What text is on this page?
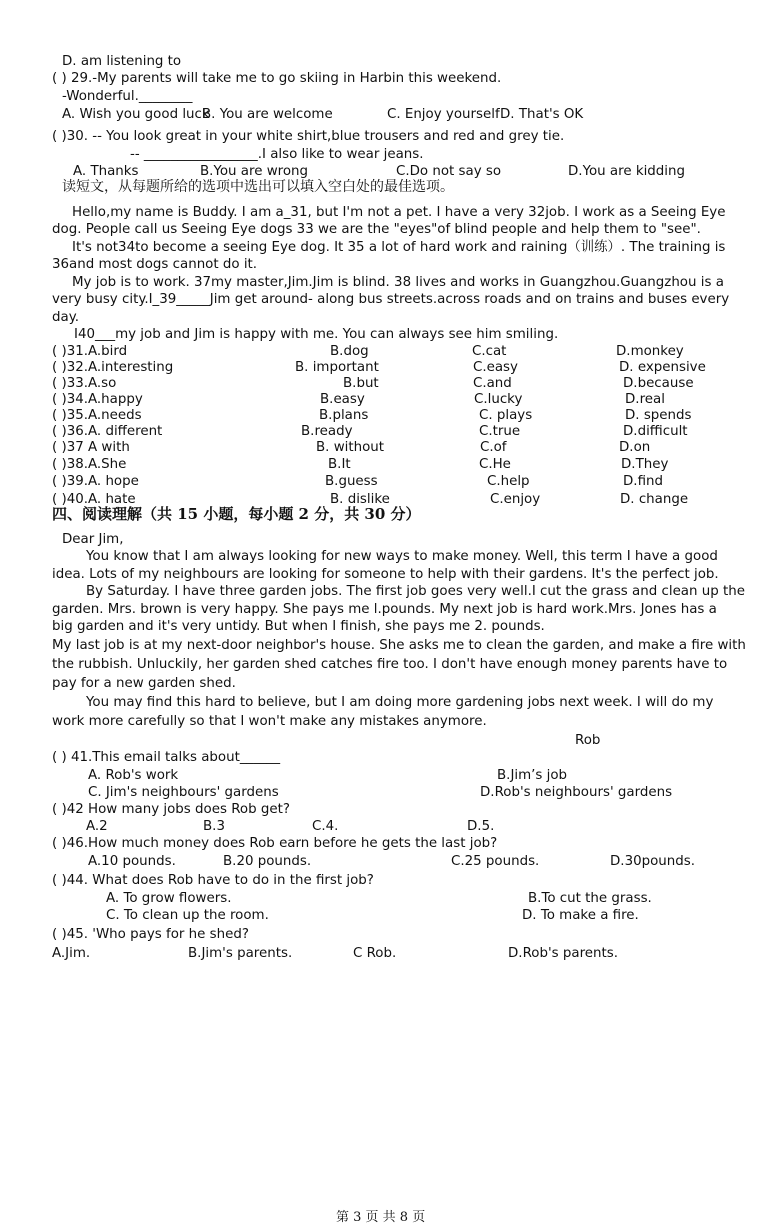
D. am listening to
( ) 29.-My parents will take me to go skiing in Harbin this weekend.
-Wonderful.________
A. Wish you good luck
B. You are welcome	C. Enjoy yourself D. That's OK
( )30. -- You look great in your white shirt,blue trousers and red and grey tie.
-- _________________.I also like to wear jeans.
A. Thanks	B.You are wrong	C.Do not say so	D.You are kidding
读短文，从每题所给的选项中选出可以填入空白处的最佳选项。
Hello,my name is Buddy. I am a_31, but I'm not a pet. I have a very 32job. I work as a Seeing Eye
dog. People call us Seeing Eye dogs 33 we are the "eyes"of blind people and help them to "see".
It's not34to become a seeing Eye dog. It 35 a lot of hard work and raining（训练）. The training is
36and most dogs cannot do it.
My job is to work. 37my master,Jim.Jim is blind. 38 lives and works in Guangzhou.Guangzhou is a
very busy city.I_39_____Jim get around- along bus streets.across roads and on trains and buses every
day.
I40___my job and Jim is happy with me. You can always see him smiling.
( )31.A.bird	B.dog	C.cat	D.monkey
( )32.A.interesting	B. important	C.easy	D. expensive
( )33.A.so	B.but	C.and	D.because
( )34.A.happy	B.easy	C.lucky	D.real
( )35.A.needs	B.plans	C. plays	D. spends
( )36.A. different	B.ready	C.true	D.difficult
( )37 A with	B. without	C.of	D.on
( )38.A.She	B.It	C.He	D.They
( )39.A. hope	B.guess	C.help	D.find
( )40.A. hate	B. dislike	C.enjoy	D. change
四、阅读理解（共 15 小题，每小题 2 分，共 30 分）
Dear Jim,
You know that I am always looking for new ways to make money. Well, this term I have a good
idea. Lots of my neighbours are looking for someone to help with their gardens. It's the perfect job.
By Saturday. I have three garden jobs. The first job goes very well.I cut the grass and clean up the
garden. Mrs. brown is very happy. She pays me l.pounds. My next job is hard work.Mrs. Jones has a
big garden and it's very untidy. But when I finish, she pays me 2. pounds.
My last job is at my next-door neighbor's house. She asks me to clean the garden, and make a fire with
the rubbish. Unluckily, her garden shed catches fire too. I don't have enough money parents have to
pay for a new garden shed.
You may find this hard to believe, but I am doing more gardening jobs next week. I will do my
work more carefully so that I won't make any mistakes anymore.
Rob
( ) 41.This email talks about______
A. Rob's work	B.Jim’s job
C. Jim's neighbours' gardens	D.Rob's neighbours' gardens
( )42 How many jobs does Rob get?
A.2	B.3	C.4.	D.5.
( )46.How much money does Rob earn before he gets the last job?
A.10 pounds.	B.20 pounds.	C.25 pounds.	D.30pounds.
( )44. What does Rob have to do in the first job?
A. To grow flowers.	B.To cut the grass.
C. To clean up the room.	D. To make a fire.
( )45. 'Who pays for he shed?
A.Jim.	B.Jim's parents.	C Rob.	D.Rob's parents.
第 3 页 共 8 页
